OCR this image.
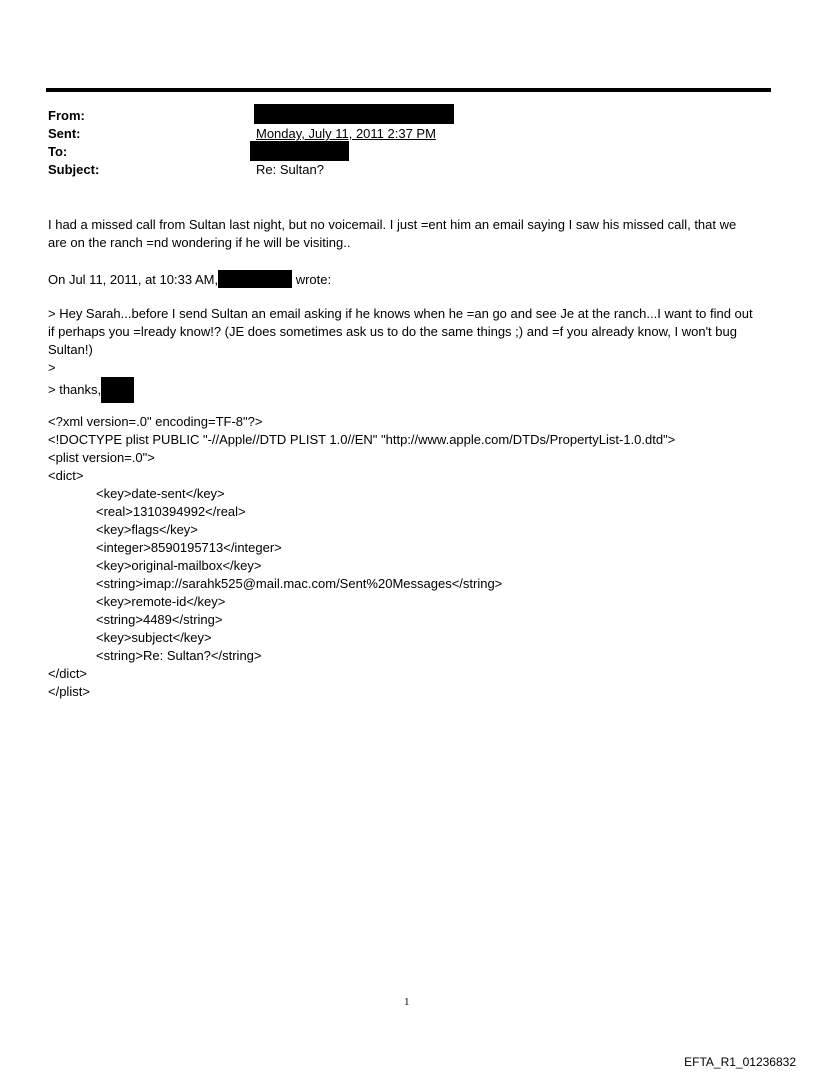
From:
Sent:	Monday, July 11, 2011 2:37 PM
To:
Subject:	Re: Sultan?
I had a missed call from Sultan last night, but no voicemail. I just =ent him an email saying I saw his missed call, that we
are on the ranch =nd wondering if he will be visiting..
On Jul 11, 2011, at 10:33 AM,	wrote:
> Hey Sarah...before I send Sultan an email asking if he knows when he =an go and see Je at the ranch...I want to find out
if perhaps you =lready know!? (JE does sometimes ask us to do the same things ;) and =f you already know, I won't bug
Sultan!)
>
> thanks,
<?xml version=.0" encoding=TF-8"?>
<!DOCTYPE plist PUBLIC "-//Apple//DTD PLIST 1.0//EN" "http://www.apple.com/DTDs/PropertyList-1.0.dtd">
<plist version=.0">
<dict>
<key>date-sent</key>
<real>1310394992</real>
<key>flags</key>
<integer>8590195713</integer>
<key>original-mailbox</key>
<string>imap://sarahk525@mail.mac.com/Sent%20Messages</string>
<key>remote-id</key>
<string>4489</string>
<key>subject</key>
<string>Re: Sultan?</string>
</dict>
</plist>
1
EFTA_R1_01236832
